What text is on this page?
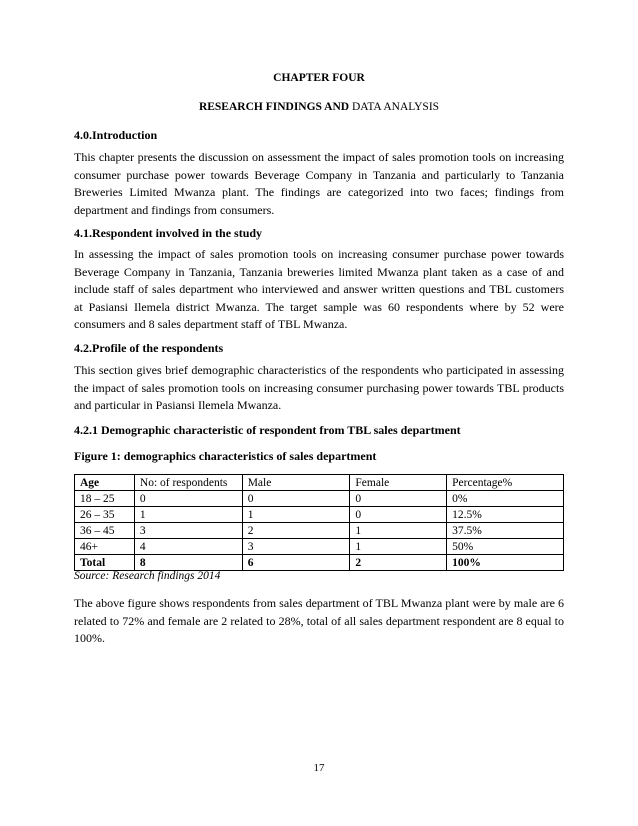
CHAPTER FOUR
RESEARCH FINDINGS AND DATA ANALYSIS
4.0.Introduction

This chapter presents the discussion on assessment the impact of sales promotion tools on increasing consumer purchase power towards Beverage Company in Tanzania and particularly to Tanzania Breweries Limited Mwanza plant. The findings are categorized into two faces; findings from department and findings from consumers.

4.1.Respondent involved in the study

In assessing the impact of sales promotion tools on increasing consumer purchase power towards Beverage Company in Tanzania, Tanzania breweries limited Mwanza plant taken as a case of and include staff of sales department who interviewed and answer written questions and TBL customers at Pasiansi Ilemela district Mwanza. The target sample was 60 respondents where by 52 were consumers and 8 sales department staff of TBL Mwanza.

4.2.Profile of the respondents

This section gives brief demographic characteristics of the respondents who participated in assessing the impact of sales promotion tools on increasing consumer purchasing power towards TBL products and particular in Pasiansi Ilemela Mwanza.

4.2.1 Demographic characteristic of respondent from TBL sales department
Figure 1: demographics characteristics of sales department
Age	No: of respondents	Male	Female	Percentage%
18 – 25	0	0	0	0%
26 – 35	1	1	0	12.5%
36 – 45	3	2	1	37.5%
46+	4	3	1	50%
Total	8	6	2	100%
Source: Research findings 2014

The above figure shows respondents from sales department of TBL Mwanza plant were by male are 6 related to 72% and female are 2 related to 28%, total of all sales department respondent are 8 equal to 100%.

17
